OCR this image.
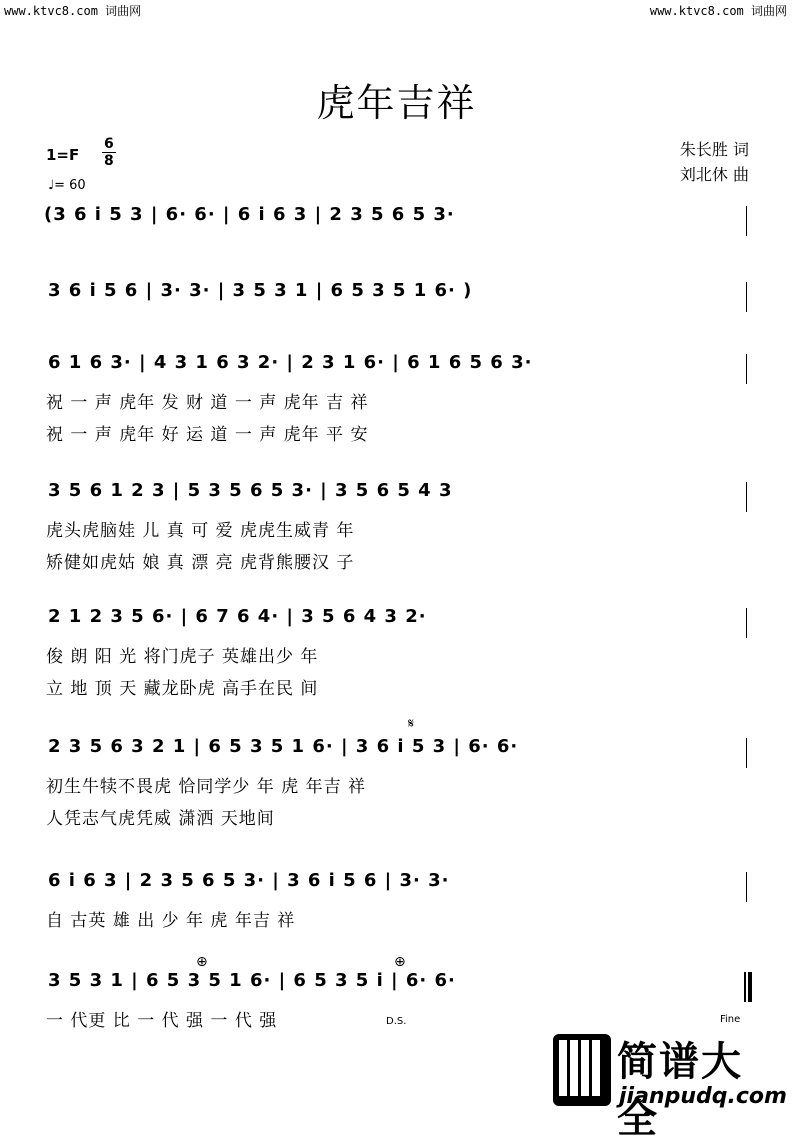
www.ktvc8.com 词曲网	www.ktvc8.com 词曲网
虎年吉祥
1=F
6
8
♩= 60
朱长胜 词
刘北休 曲
(3 6 i 5 3 | 6· 6· | 6 i 6 3 | 2 3 5 6 5 3·
3 6 i 5 6 | 3· 3· | 3 5 3 1 | 6 5 3 5 1 6· )
6 1 6 3· | 4 3 1 6 3 2· | 2 3 1 6· | 6 1 6 5 6 3·
祝 一 声 虎年 发 财 道 一 声 虎年 吉 祥
祝 一 声 虎年 好 运 道 一 声 虎年 平 安
3 5 6 1 2 3 | 5 3 5 6 5 3· | 3 5 6 5 4 3
虎头虎脑娃 儿 真 可 爱 虎虎生威青 年
矫健如虎姑 娘 真 漂 亮 虎背熊腰汉 子
2 1 2 3 5 6· | 6 7 6 4· | 3 5 6 4 3 2·
俊 朗 阳 光 将门虎子 英雄出少 年
立 地 顶 天 藏龙卧虎 高手在民 间
𝄋
2 3 5 6 3 2 1 | 6 5 3 5 1 6· | 3 6 i 5 3 | 6· 6·
初生牛犊不畏虎 恰同学少 年 虎 年吉 祥
人凭志气虎凭威 潇洒 天地间
6 i 6 3 | 2 3 5 6 5 3· | 3 6 i 5 6 | 3· 3·
自 古英 雄 出 少 年 虎 年吉 祥
⊕	⊕
3 5 3 1 | 6 5 3 5 1 6· | 6 5 3 5 i | 6· 6·
一 代更 比 一 代 强 一 代 强	D.S.	Fine
简谱大全
jianpudq.com
